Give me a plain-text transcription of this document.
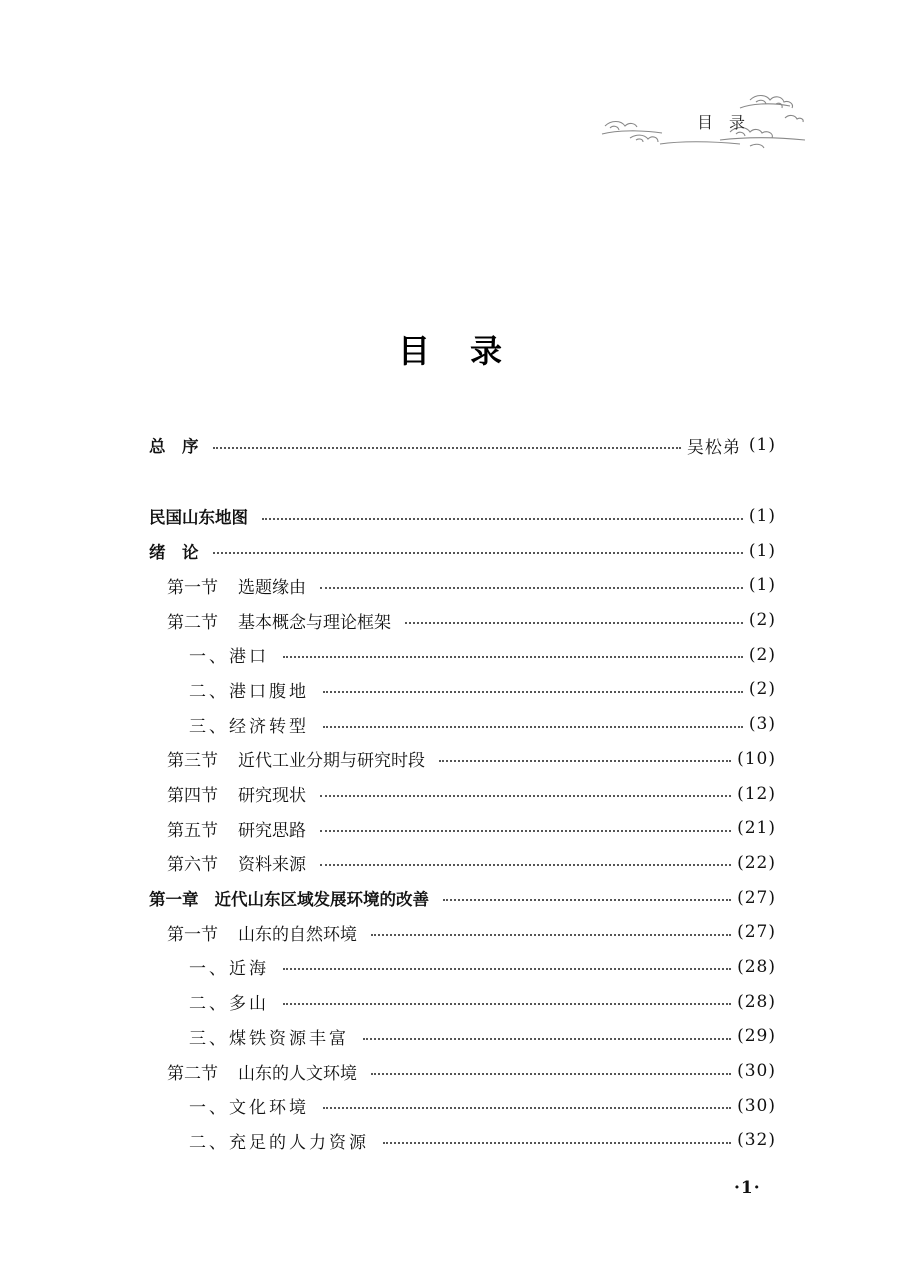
目录
目录
总　序	吴松弟 (1)
民国山东地图	(1)
绪　论	(1)
第一节 选题缘由	(1)
第二节 基本概念与理论框架	(2)
一、港口	(2)
二、港口腹地	(2)
三、经济转型	(3)
第三节 近代工业分期与研究时段	(10)
第四节 研究现状	(12)
第五节 研究思路	(21)
第六节 资料来源	(22)
第一章 近代山东区域发展环境的改善	(27)
第一节 山东的自然环境	(27)
一、近海	(28)
二、多山	(28)
三、煤铁资源丰富	(29)
第二节 山东的人文环境	(30)
一、文化环境	(30)
二、充足的人力资源	(32)
·1·
